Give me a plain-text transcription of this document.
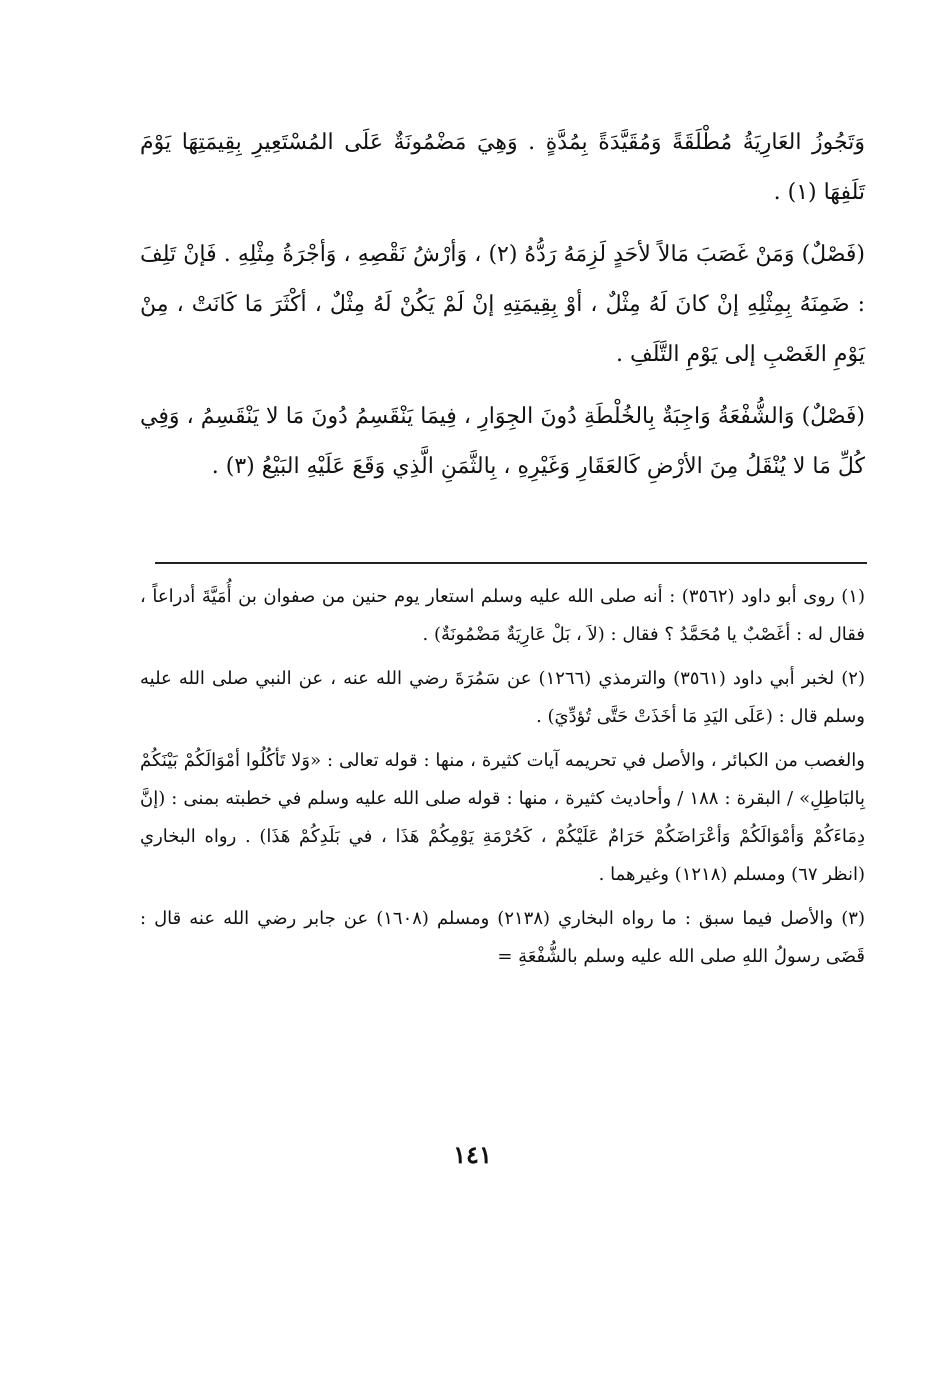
وَتَجُوزُ العَارِيَةُ مُطْلَقَةً وَمُقَيَّدَةً بِمُدَّةٍ . وَهِيَ مَضْمُونَةٌ عَلَى المُسْتَعِيرِ بِقِيمَتِهَا يَوْمَ تَلَفِهَا (١) .

(فَصْلٌ) وَمَنْ غَصَبَ مَالاً لأحَدٍ لَزِمَهُ رَدُّهُ (٢) ، وَأرْشُ نَقْصِهِ ، وَأجْرَةُ مِثْلِهِ . فَإنْ تَلِفَ : ضَمِنَهُ بِمِثْلِهِ إنْ كانَ لَهُ مِثْلٌ ، أوْ بِقِيمَتِهِ إنْ لَمْ يَكُنْ لَهُ مِثْلٌ ، أكْثَرَ مَا كَانَتْ ، مِنْ يَوْمِ الغَصْبِ إلى يَوْمِ التَّلَفِ .

(فَصْلٌ) وَالشُّفْعَةُ وَاجِبَةٌ بِالخُلْطَةِ دُونَ الجِوَارِ ، فِيمَا يَنْقَسِمُ دُونَ مَا لا يَنْقَسِمُ ، وَفِي كُلِّ مَا لا يُنْقَلُ مِنَ الأرْضِ كَالعَقَارِ وَغَيْرِهِ ، بِالثَّمَنِ الَّذِي وَقَعَ عَلَيْهِ البَيْعُ (٣) .

(١) روى أبو داود (٣٥٦٢) : أنه صلى الله عليه وسلم استعار يوم حنين من صفوان بن أُمَيَّةَ أدراعاً ، فقال له : أغَصْبٌ يا مُحَمَّدُ ؟ فقال : (لاَ ، بَلْ عَارِيَةٌ مَضْمُونَةٌ) .

(٢) لخبر أبي داود (٣٥٦١) والترمذي (١٢٦٦) عن سَمُرَةَ رضي الله عنه ، عن النبي صلى الله عليه وسلم قال : (عَلَى اليَدِ مَا أخَذَتْ حَتَّى تُؤدِّيَ) .

والغصب من الكبائر ، والأصل في تحريمه آيات كثيرة ، منها : قوله تعالى : «وَلا تَأكُلُوا أمْوَالَكُمْ بَيْنَكُمْ بِالبَاطِلِ» / البقرة : ١٨٨ / وأحاديث كثيرة ، منها : قوله صلى الله عليه وسلم في خطبته بمنى : (إنَّ دِمَاءَكُمْ وَأمْوَالَكُمْ وَأعْرَاضَكُمْ حَرَامٌ عَلَيْكُمْ ، كَحُرْمَةِ يَوْمِكُمْ هَذَا ، في بَلَدِكُمْ هَذَا) . رواه البخاري (انظر ٦٧) ومسلم (١٢١٨) وغيرهما .

(٣) والأصل فيما سبق : ما رواه البخاري (٢١٣٨) ومسلم (١٦٠٨) عن جابر رضي الله عنه قال : قَضَى رسولُ اللهِ صلى الله عليه وسلم بالشُّفْعَةِ =

١٤١
